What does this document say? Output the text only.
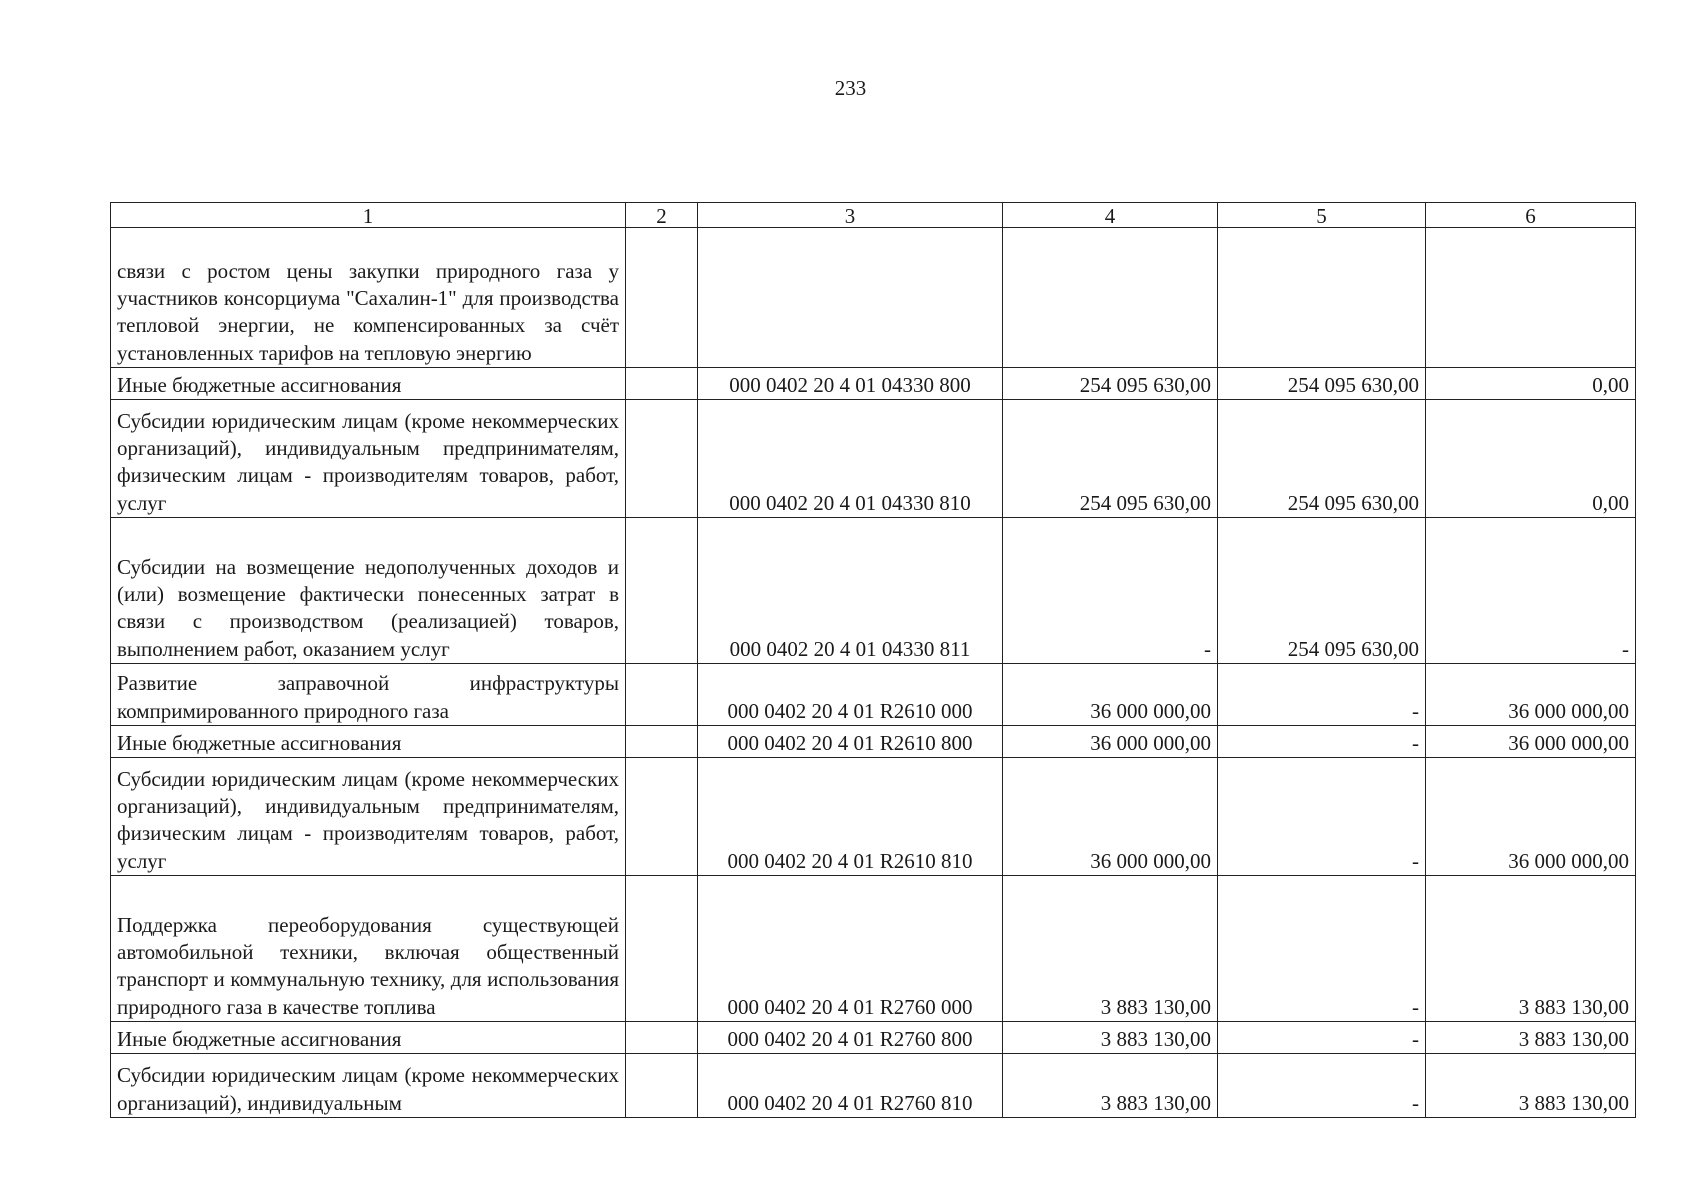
233
1	2	3	4	5	6
связи с ростом цены закупки природного газа у участников консорциума "Сахалин-1" для производства тепловой энергии, не компенсированных за счёт установленных тарифов на тепловую энергию					
Иные бюджетные ассигнования		000 0402 20 4 01 04330 800	254 095 630,00	254 095 630,00	0,00
Субсидии юридическим лицам (кроме некоммерческих организаций), индивидуальным предпринимателям, физическим лицам - производителям товаров, работ, услуг		000 0402 20 4 01 04330 810	254 095 630,00	254 095 630,00	0,00
Субсидии на возмещение недополученных доходов и (или) возмещение фактически понесенных затрат в связи с производством (реализацией) товаров, выполнением работ, оказанием услуг		000 0402 20 4 01 04330 811	-	254 095 630,00	-
Развитие заправочной инфраструктуры компримированного природного газа		000 0402 20 4 01 R2610 000	36 000 000,00	-	36 000 000,00
Иные бюджетные ассигнования		000 0402 20 4 01 R2610 800	36 000 000,00	-	36 000 000,00
Субсидии юридическим лицам (кроме некоммерческих организаций), индивидуальным предпринимателям, физическим лицам - производителям товаров, работ, услуг		000 0402 20 4 01 R2610 810	36 000 000,00	-	36 000 000,00
Поддержка переоборудования существующей автомобильной техники, включая общественный транспорт и коммунальную технику, для использования природного газа в качестве топлива		000 0402 20 4 01 R2760 000	3 883 130,00	-	3 883 130,00
Иные бюджетные ассигнования		000 0402 20 4 01 R2760 800	3 883 130,00	-	3 883 130,00
Субсидии юридическим лицам (кроме некоммерческих организаций), индивидуальным		000 0402 20 4 01 R2760 810	3 883 130,00	-	3 883 130,00
